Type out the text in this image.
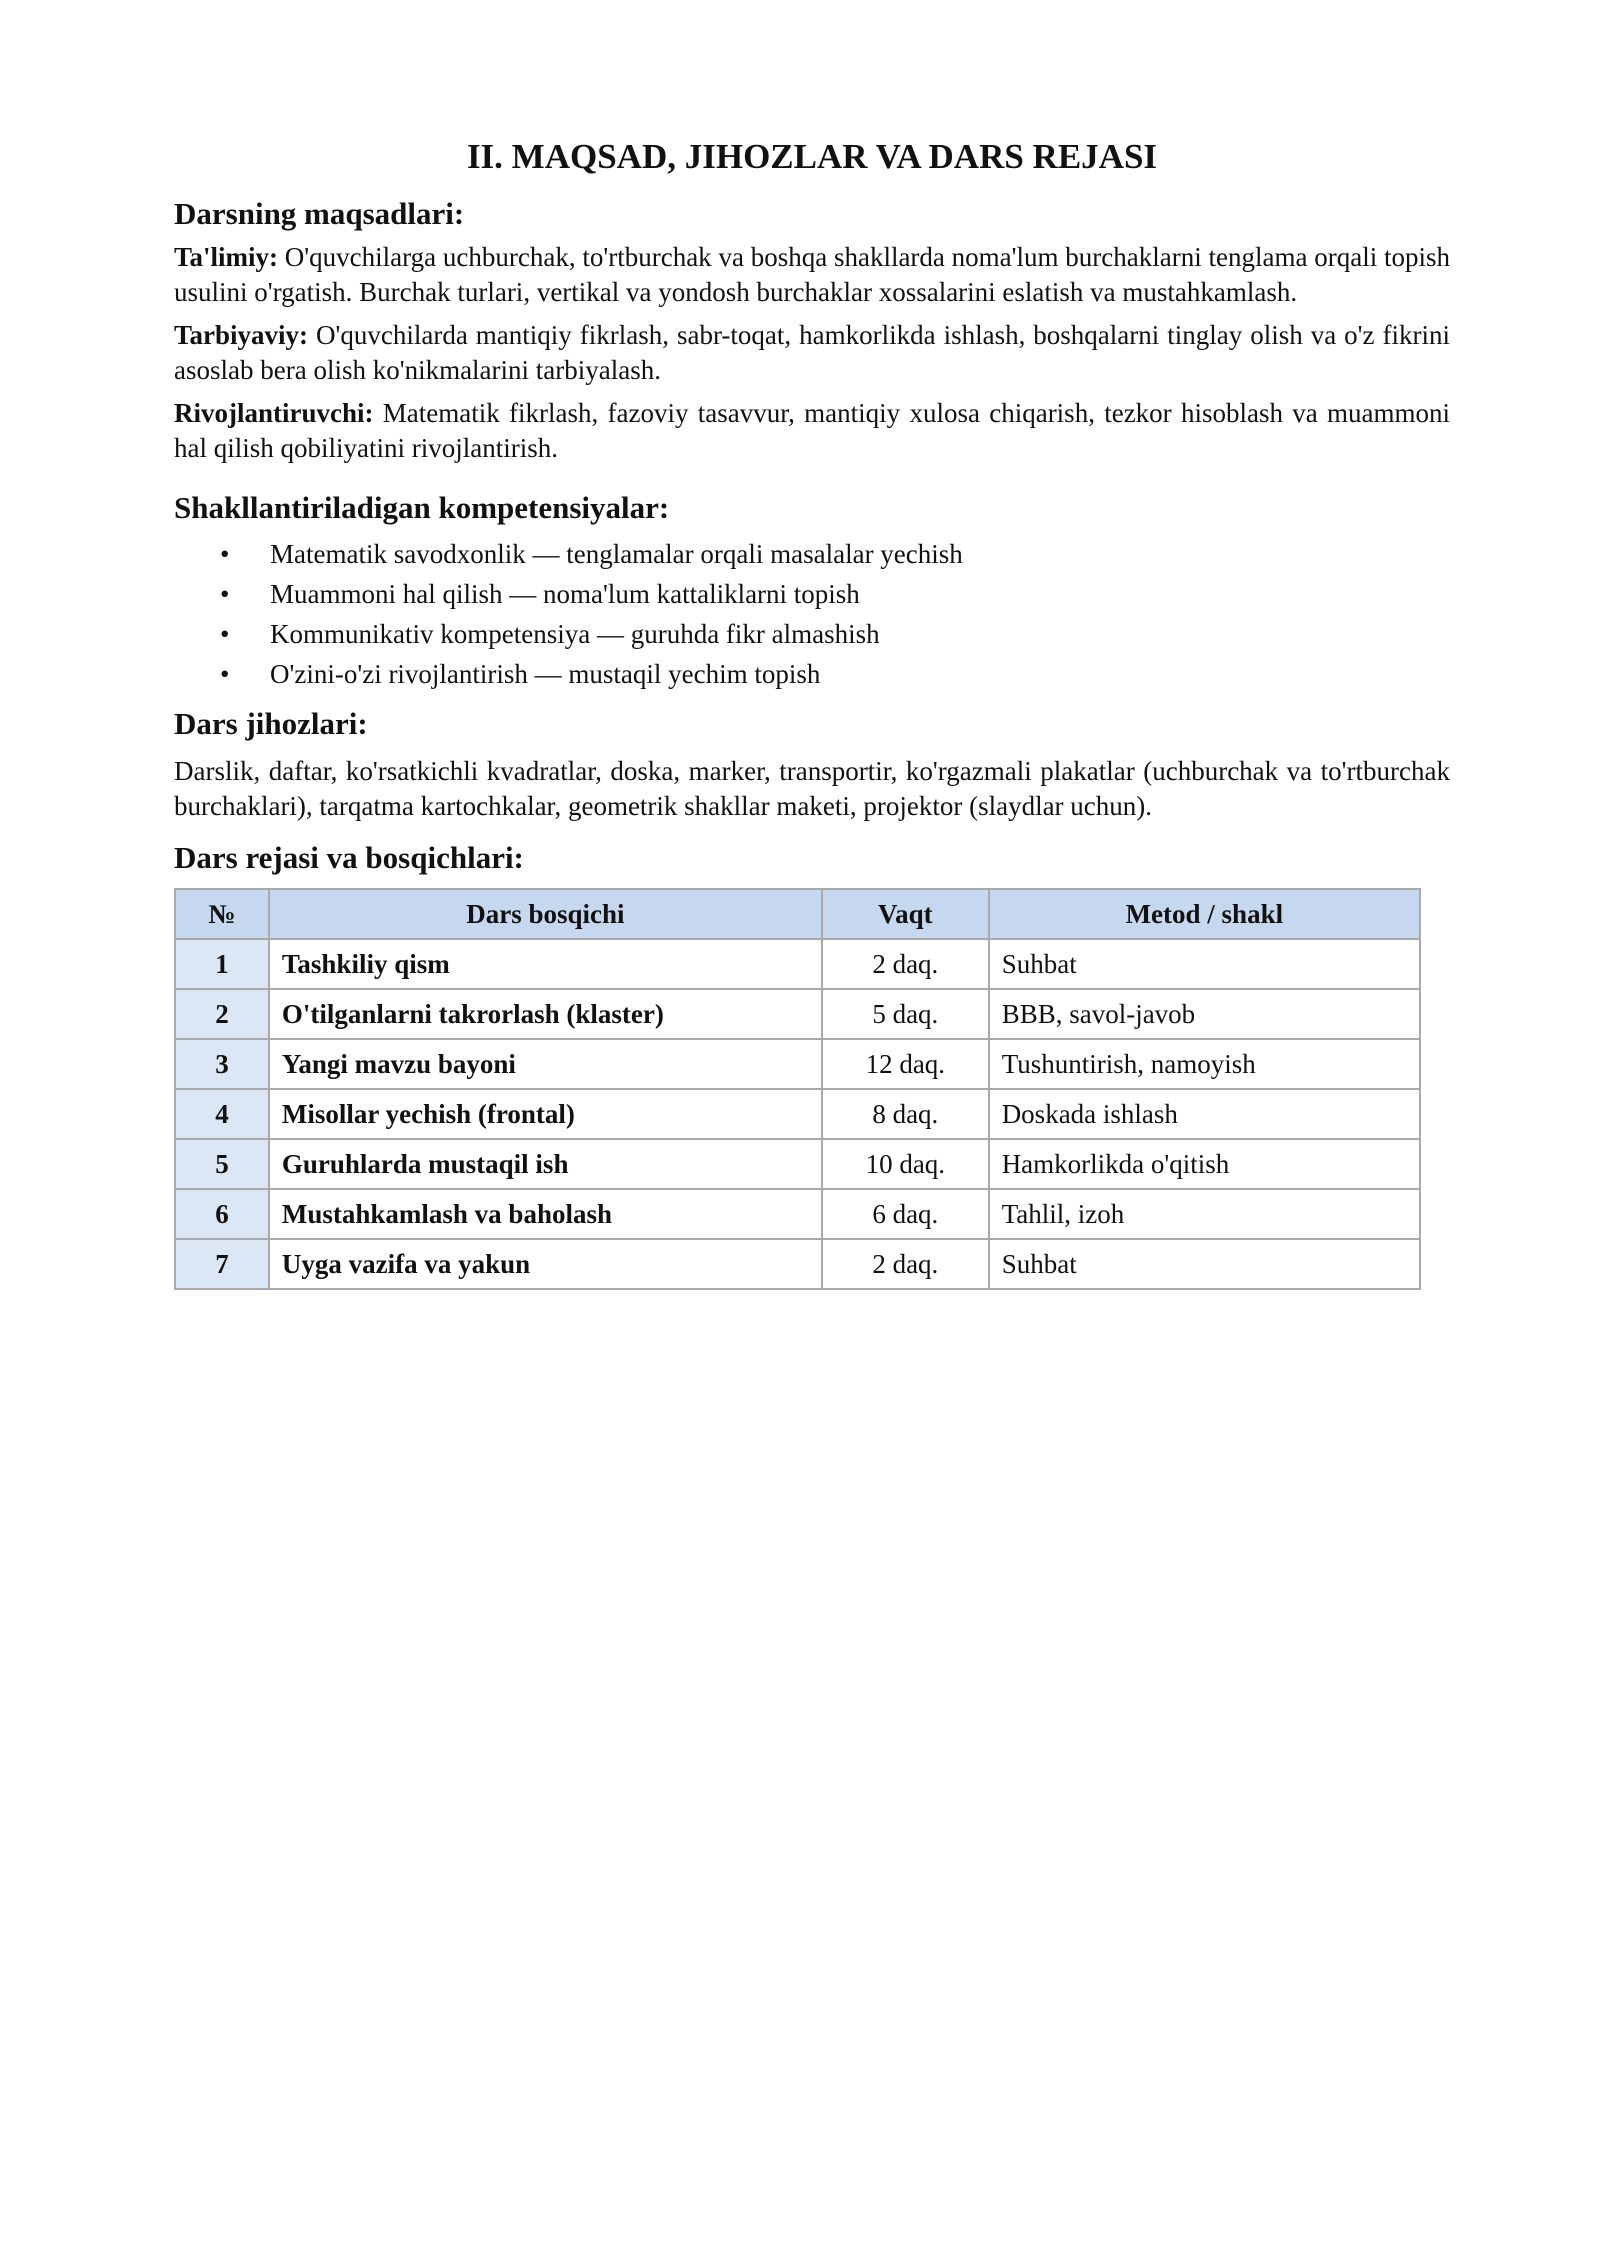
II. MAQSAD, JIHOZLAR VA DARS REJASI
Darsning maqsadlari:

Ta'limiy: O'quvchilarga uchburchak, to'rtburchak va boshqa shakllarda noma'lum burchaklarni tenglama orqali topish usulini o'rgatish. Burchak turlari, vertikal va yondosh burchaklar xossalarini eslatish va mustahkamlash.

Tarbiyaviy: O'quvchilarda mantiqiy fikrlash, sabr-toqat, hamkorlikda ishlash, boshqalarni tinglay olish va o'z fikrini asoslab bera olish ko'nikmalarini tarbiyalash.

Rivojlantiruvchi: Matematik fikrlash, fazoviy tasavvur, mantiqiy xulosa chiqarish, tezkor hisoblash va muammoni hal qilish qobiliyatini rivojlantirish.

Shakllantiriladigan kompetensiyalar:
• Matematik savodxonlik — tenglamalar orqali masalalar yechish
• Muammoni hal qilish — noma'lum kattaliklarni topish
• Kommunikativ kompetensiya — guruhda fikr almashish
• O'zini-o'zi rivojlantirish — mustaqil yechim topish
Dars jihozlari:

Darslik, daftar, ko'rsatkichli kvadratlar, doska, marker, transportir, ko'rgazmali plakatlar (uchburchak va to'rtburchak burchaklari), tarqatma kartochkalar, geometrik shakllar maketi, projektor (slaydlar uchun).

Dars rejasi va bosqichlari:
№	Dars bosqichi	Vaqt	Metod / shakl
1	Tashkiliy qism	2 daq.	Suhbat
2	O'tilganlarni takrorlash (klaster)	5 daq.	BBB, savol-javob
3	Yangi mavzu bayoni	12 daq.	Tushuntirish, namoyish
4	Misollar yechish (frontal)	8 daq.	Doskada ishlash
5	Guruhlarda mustaqil ish	10 daq.	Hamkorlikda o'qitish
6	Mustahkamlash va baholash	6 daq.	Tahlil, izoh
7	Uyga vazifa va yakun	2 daq.	Suhbat
